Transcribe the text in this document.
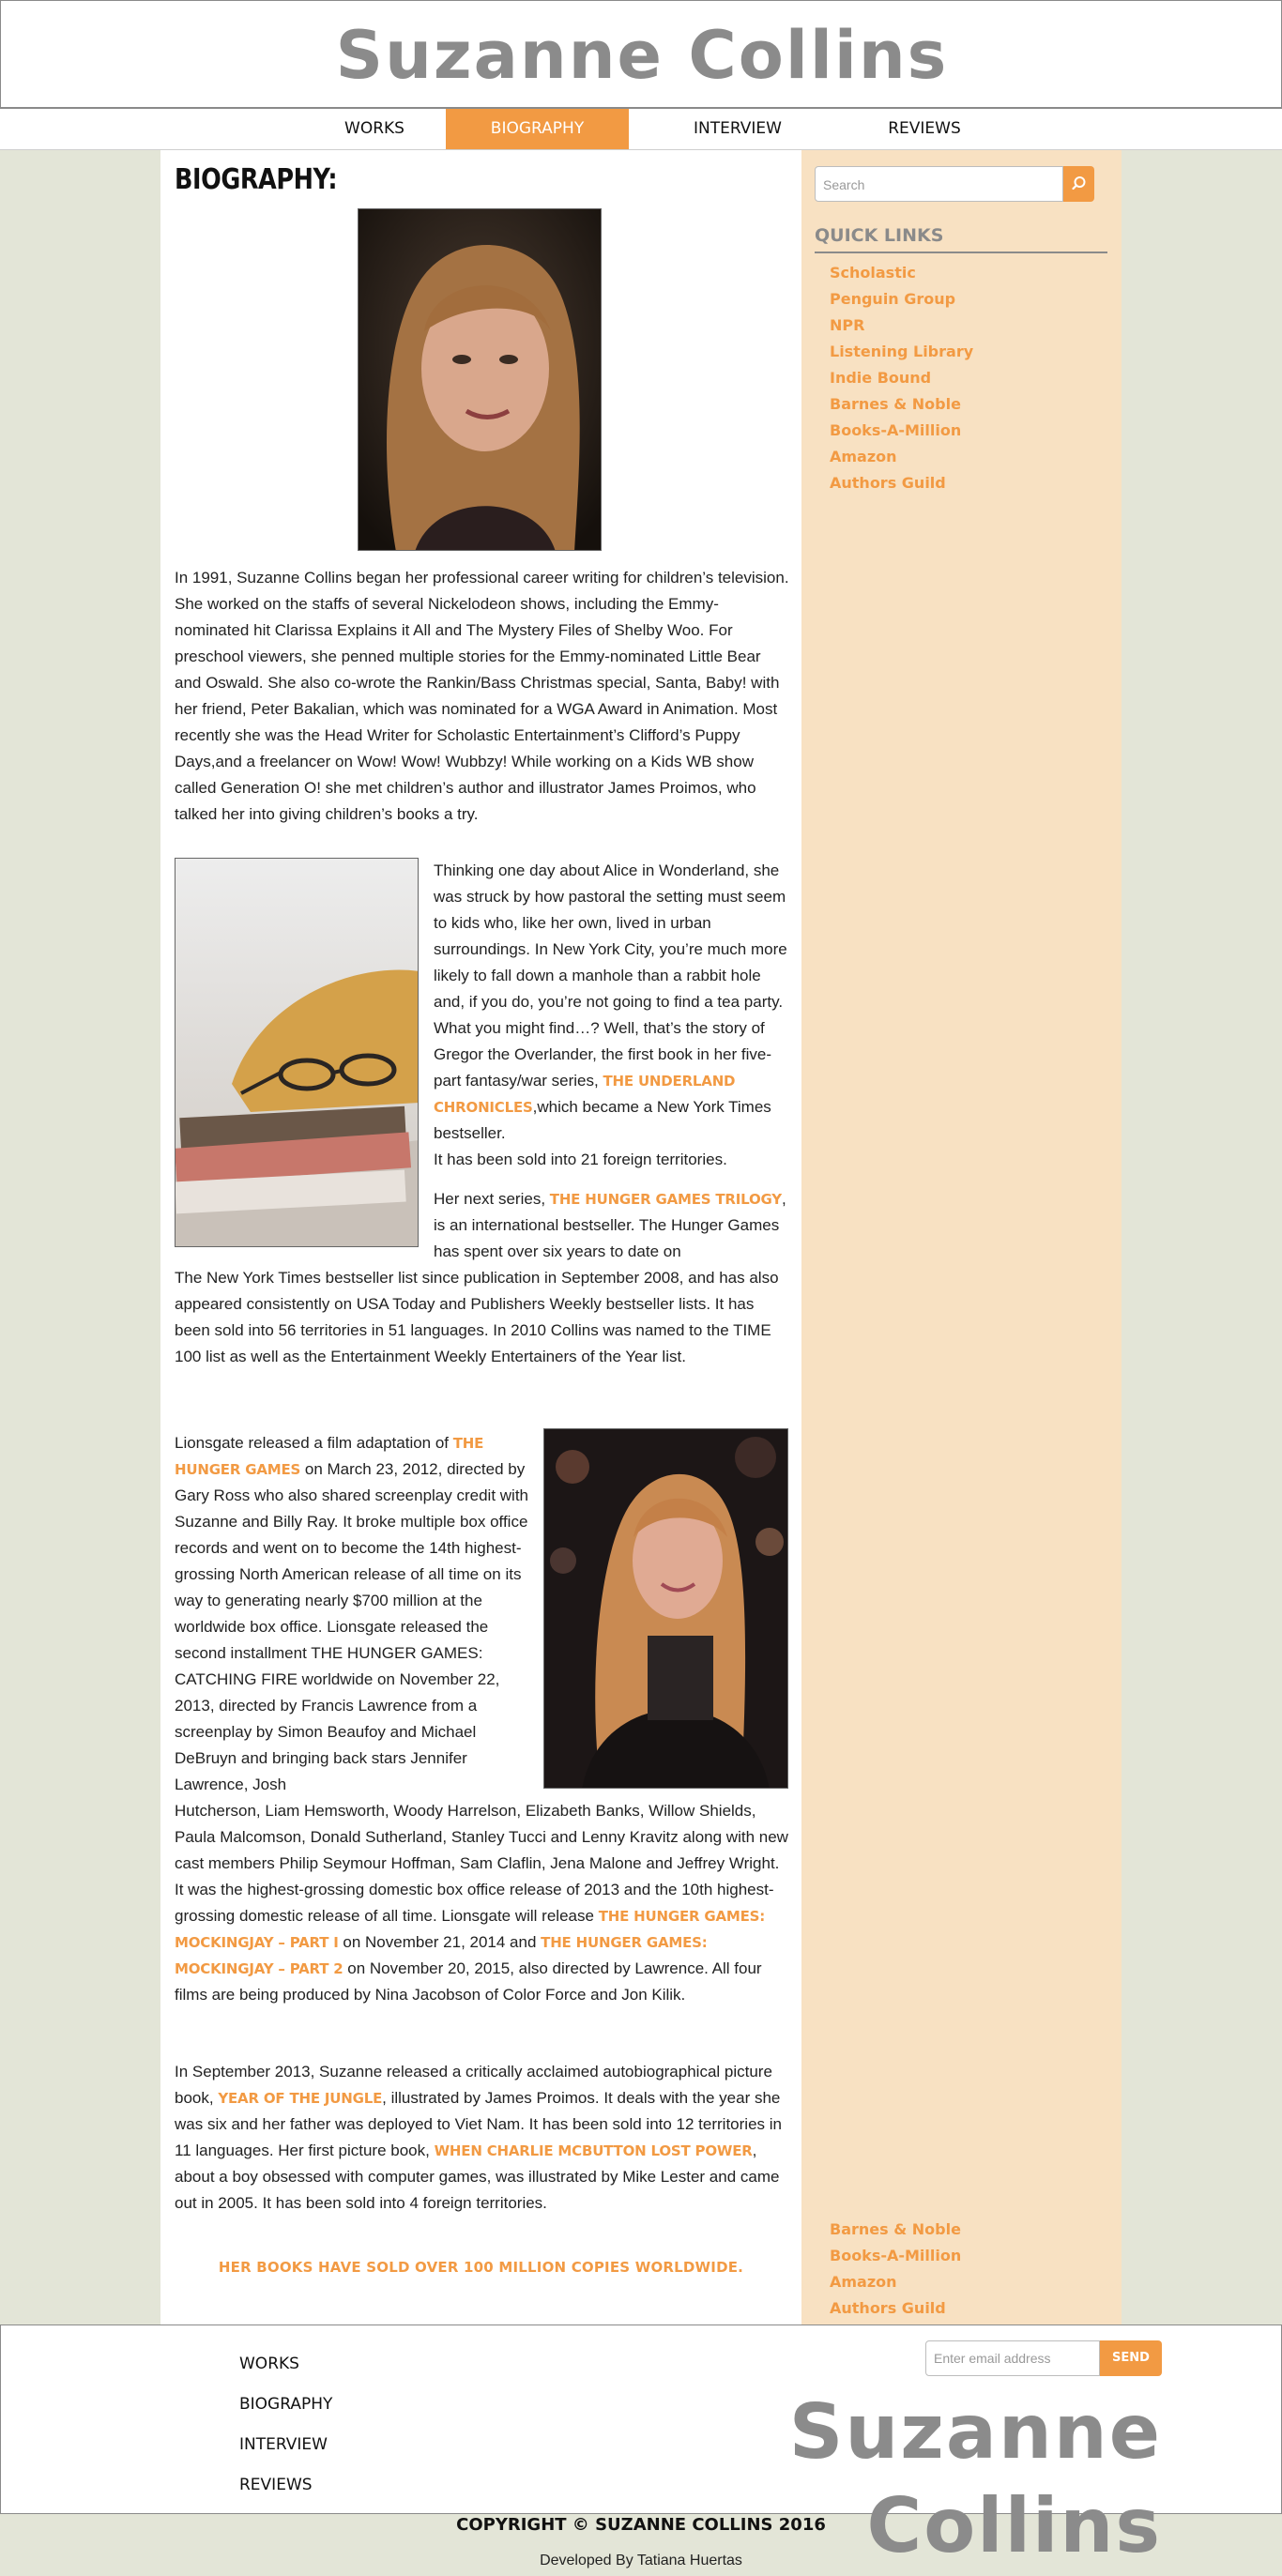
Suzanne Collins
WORKS	BIOGRAPHY	INTERVIEW	REVIEWS
BIOGRAPHY:

In 1991, Suzanne Collins began her professional career writing for children’s television. She worked on the staffs of several Nickelodeon shows, including the Emmy-nominated hit Clarissa Explains it All and The Mystery Files of Shelby Woo. For preschool viewers, she penned multiple stories for the Emmy-nominated Little Bear and Oswald. She also co-wrote the Rankin/Bass Christmas special, Santa, Baby! with her friend, Peter Bakalian, which was nominated for a WGA Award in Animation. Most recently she was the Head Writer for Scholastic Entertainment’s Clifford’s Puppy Days,and a freelancer on Wow! Wow! Wubbzy! While working on a Kids WB show called Generation O! she met children’s author and illustrator James Proimos, who talked her into giving children’s books a try.

Thinking one day about Alice in Wonderland, she was struck by how pastoral the setting must seem to kids who, like her own, lived in urban surroundings. In New York City, you’re much more likely to fall down a manhole than a rabbit hole and, if you do, you’re not going to find a tea party. What you might find…? Well, that’s the story of Gregor the Overlander, the first book in her five-part fantasy/war series, THE UNDERLAND CHRONICLES,which became a New York Times bestseller.
It has been sold into 21 foreign territories.

Her next series, THE HUNGER GAMES TRILOGY, is an international bestseller. The Hunger Games has spent over six years to date on

The New York Times bestseller list since publication in September 2008, and has also appeared consistently on USA Today and Publishers Weekly bestseller lists. It has been sold into 56 territories in 51 languages. In 2010 Collins was named to the TIME 100 list as well as the Entertainment Weekly Entertainers of the Year list.

Lionsgate released a film adaptation of THE HUNGER GAMES on March 23, 2012, directed by Gary Ross who also shared screenplay credit with Suzanne and Billy Ray. It broke multiple box office records and went on to become the 14th highest-grossing North American release of all time on its way to generating nearly $700 million at the worldwide box office. Lionsgate released the second installment THE HUNGER GAMES: CATCHING FIRE worldwide on November 22, 2013, directed by Francis Lawrence from a screenplay by Simon Beaufoy and Michael DeBruyn and bringing back stars Jennifer Lawrence, Josh

Hutcherson, Liam Hemsworth, Woody Harrelson, Elizabeth Banks, Willow Shields, Paula Malcomson, Donald Sutherland, Stanley Tucci and Lenny Kravitz along with new cast members Philip Seymour Hoffman, Sam Claflin, Jena Malone and Jeffrey Wright. It was the highest-grossing domestic box office release of 2013 and the 10th highest-grossing domestic release of all time. Lionsgate will release THE HUNGER GAMES: MOCKINGJAY – PART I on November 21, 2014 and THE HUNGER GAMES: MOCKINGJAY – PART 2 on November 20, 2015, also directed by Lawrence. All four films are being produced by Nina Jacobson of Color Force and Jon Kilik.

In September 2013, Suzanne released a critically acclaimed autobiographical picture book, YEAR OF THE JUNGLE, illustrated by James Proimos. It deals with the year she was six and her father was deployed to Viet Nam. It has been sold into 12 territories in 11 languages. Her first picture book, WHEN CHARLIE MCBUTTON LOST POWER, about a boy obsessed with computer games, was illustrated by Mike Lester and came out in 2005. It has been sold into 4 foreign territories.

HER BOOKS HAVE SOLD OVER 100 MILLION COPIES WORLDWIDE.
Search
QUICK LINKS
Scholastic
Penguin Group
NPR
Listening Library
Indie Bound
Barnes & Noble
Books-A-Million
Amazon
Authors Guild
Barnes & Noble
Books-A-Million
Amazon
Authors Guild
WORKS
BIOGRAPHY
INTERVIEW
REVIEWS
Enter email address	SEND
Suzanne Collins
COPYRIGHT © SUZANNE COLLINS 2016
Developed By Tatiana Huertas
